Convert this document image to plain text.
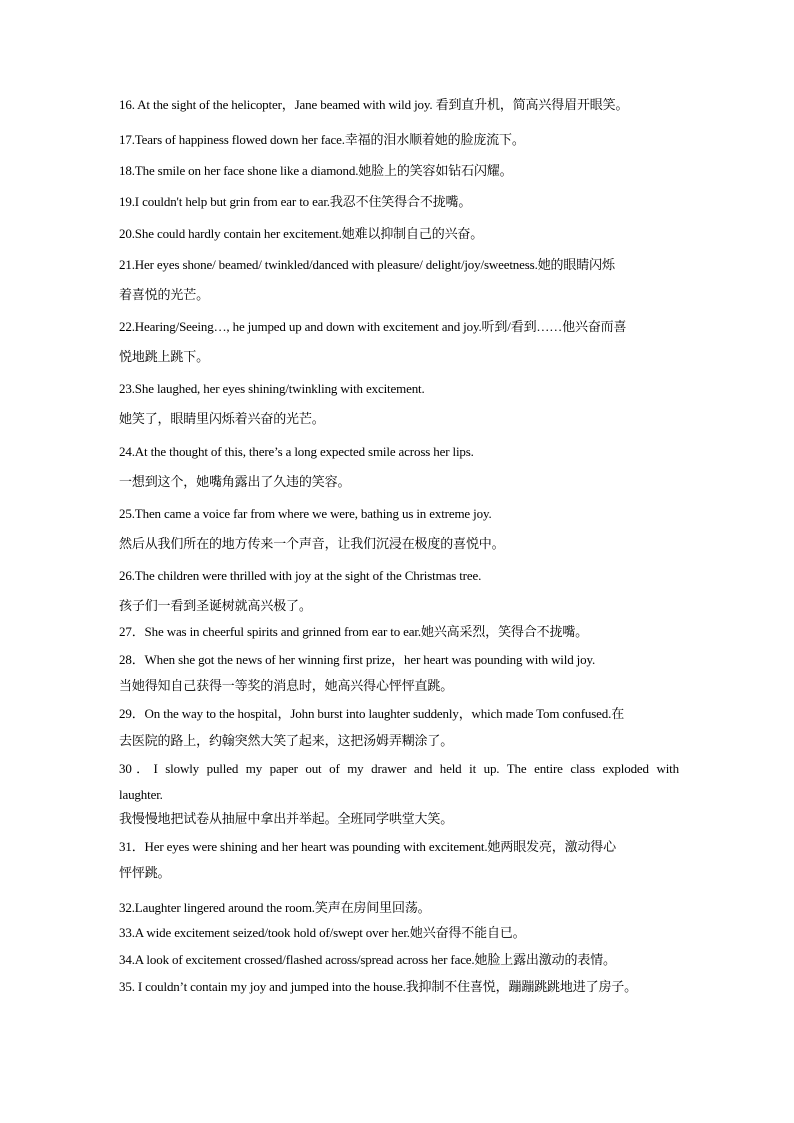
16. At the sight of the helicopter，Jane beamed with wild joy. 看到直升机，简高兴得眉开眼笑。
17.Tears of happiness flowed down her face.幸福的泪水顺着她的脸庞流下。
18.The smile on her face shone like a diamond.她脸上的笑容如钻石闪耀。
19.I couldn't help but grin from ear to ear.我忍不住笑得合不拢嘴。
20.She could hardly contain her excitement.她难以抑制自己的兴奋。
21.Her eyes shone/ beamed/ twinkled/danced with pleasure/ delight/joy/sweetness.她的眼睛闪烁
着喜悦的光芒。
22.Hearing/Seeing…, he jumped up and down with excitement and joy.听到/看到……他兴奋而喜
悦地跳上跳下。
23.She laughed, her eyes shining/twinkling with excitement.
她笑了，眼睛里闪烁着兴奋的光芒。
24.At the thought of this, there’s a long expected smile across her lips.
一想到这个，她嘴角露出了久违的笑容。
25.Then came a voice far from where we were, bathing us in extreme joy.
然后从我们所在的地方传来一个声音，让我们沉浸在极度的喜悦中。
26.The children were thrilled with joy at the sight of the Christmas tree.
孩子们一看到圣诞树就高兴极了。
27．She was in cheerful spirits and grinned from ear to ear.她兴高采烈，笑得合不拢嘴。
28．When she got the news of her winning first prize，her heart was pounding with wild joy.
当她得知自己获得一等奖的消息时，她高兴得心怦怦直跳。
29．On the way to the hospital，John burst into laughter suddenly，which made Tom confused.在
去医院的路上，约翰突然大笑了起来，这把汤姆弄糊涂了。
30．I slowly pulled my paper out of my drawer and held it up. The entire class exploded with
laughter.
我慢慢地把试卷从抽屉中拿出并举起。全班同学哄堂大笑。
31．Her eyes were shining and her heart was pounding with excitement.她两眼发亮，激动得心
怦怦跳。
32.Laughter lingered around the room.笑声在房间里回荡。
33.A wide excitement seized/took hold of/swept over her.她兴奋得不能自已。
34.A look of excitement crossed/flashed across/spread across her face.她脸上露出激动的表情。
35. I couldn’t contain my joy and jumped into the house.我抑制不住喜悦，蹦蹦跳跳地进了房子。
